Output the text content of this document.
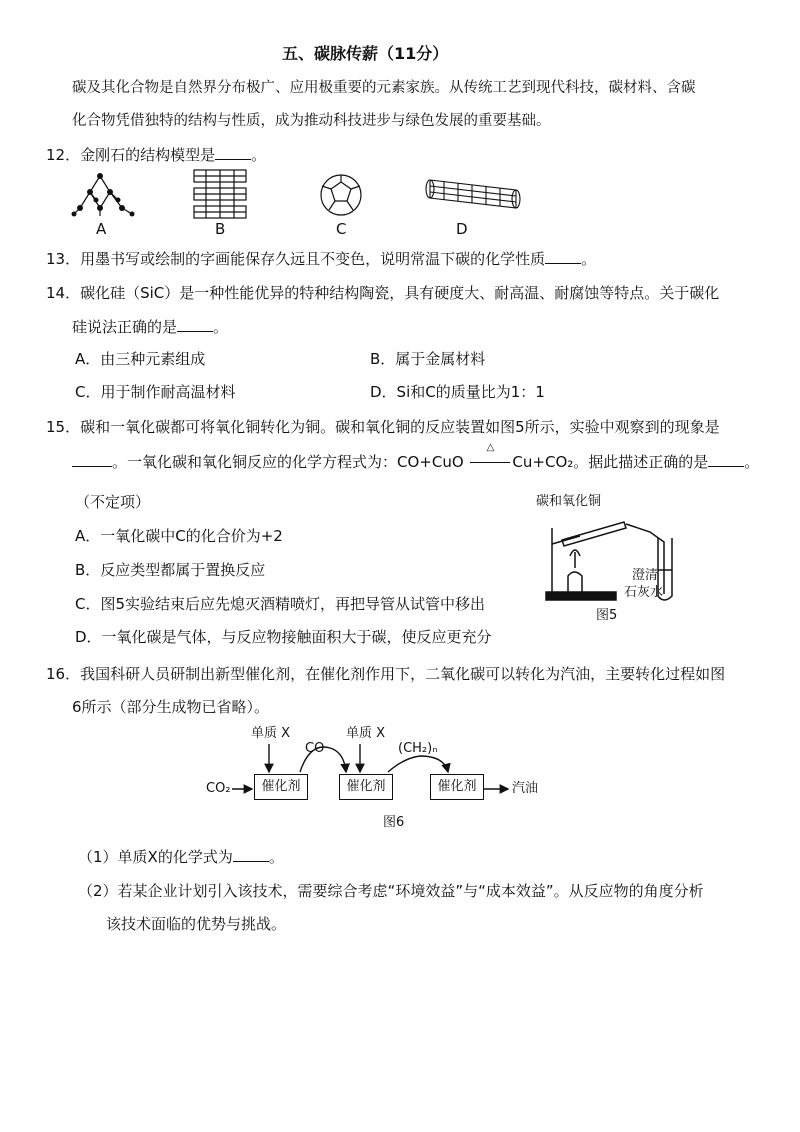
五、碳脉传薪（11分）
碳及其化合物是自然界分布极广、应用极重要的元素家族。从传统工艺到现代科技，碳材料、含碳
化合物凭借独特的结构与性质，成为推动科技进步与绿色发展的重要基础。
12．金刚石的结构模型是 。
A	B	C	D
13．用墨书写或绘制的字画能保存久远且不变色，说明常温下碳的化学性质 。
14．碳化硅（SiC）是一种性能优异的特种结构陶瓷，具有硬度大、耐高温、耐腐蚀等特点。关于碳化
硅说法正确的是 。
A．由三种元素组成	B．属于金属材料
C．用于制作耐高温材料	D．Si和C的质量比为1：1
15．碳和一氧化碳都可将氧化铜转化为铜。碳和氧化铜的反应装置如图5所示，实验中观察到的现象是
。一氧化碳和氧化铜反应的化学方程式为：CO+CuO
△
Cu+CO₂。据此描述正确的是 。
（不定项）
A．一氧化碳中C的化合价为+2
B．反应类型都属于置换反应
C．图5实验结束后应先熄灭酒精喷灯，再把导管从试管中移出
D．一氧化碳是气体，与反应物接触面积大于碳，使反应更充分
碳和氧化铜
澄清
石灰水
图5
16．我国科研人员研制出新型催化剂，在催化剂作用下，二氧化碳可以转化为汽油，主要转化过程如图
6所示（部分生成物已省略）。
单质 X	单质 X
CO	(CH₂)ₙ
CO₂	催化剂	催化剂	催化剂	汽油
图6
（1）单质X的化学式为 。
（2）若某企业计划引入该技术，需要综合考虑“环境效益”与“成本效益”。从反应物的角度分析
该技术面临的优势与挑战。
